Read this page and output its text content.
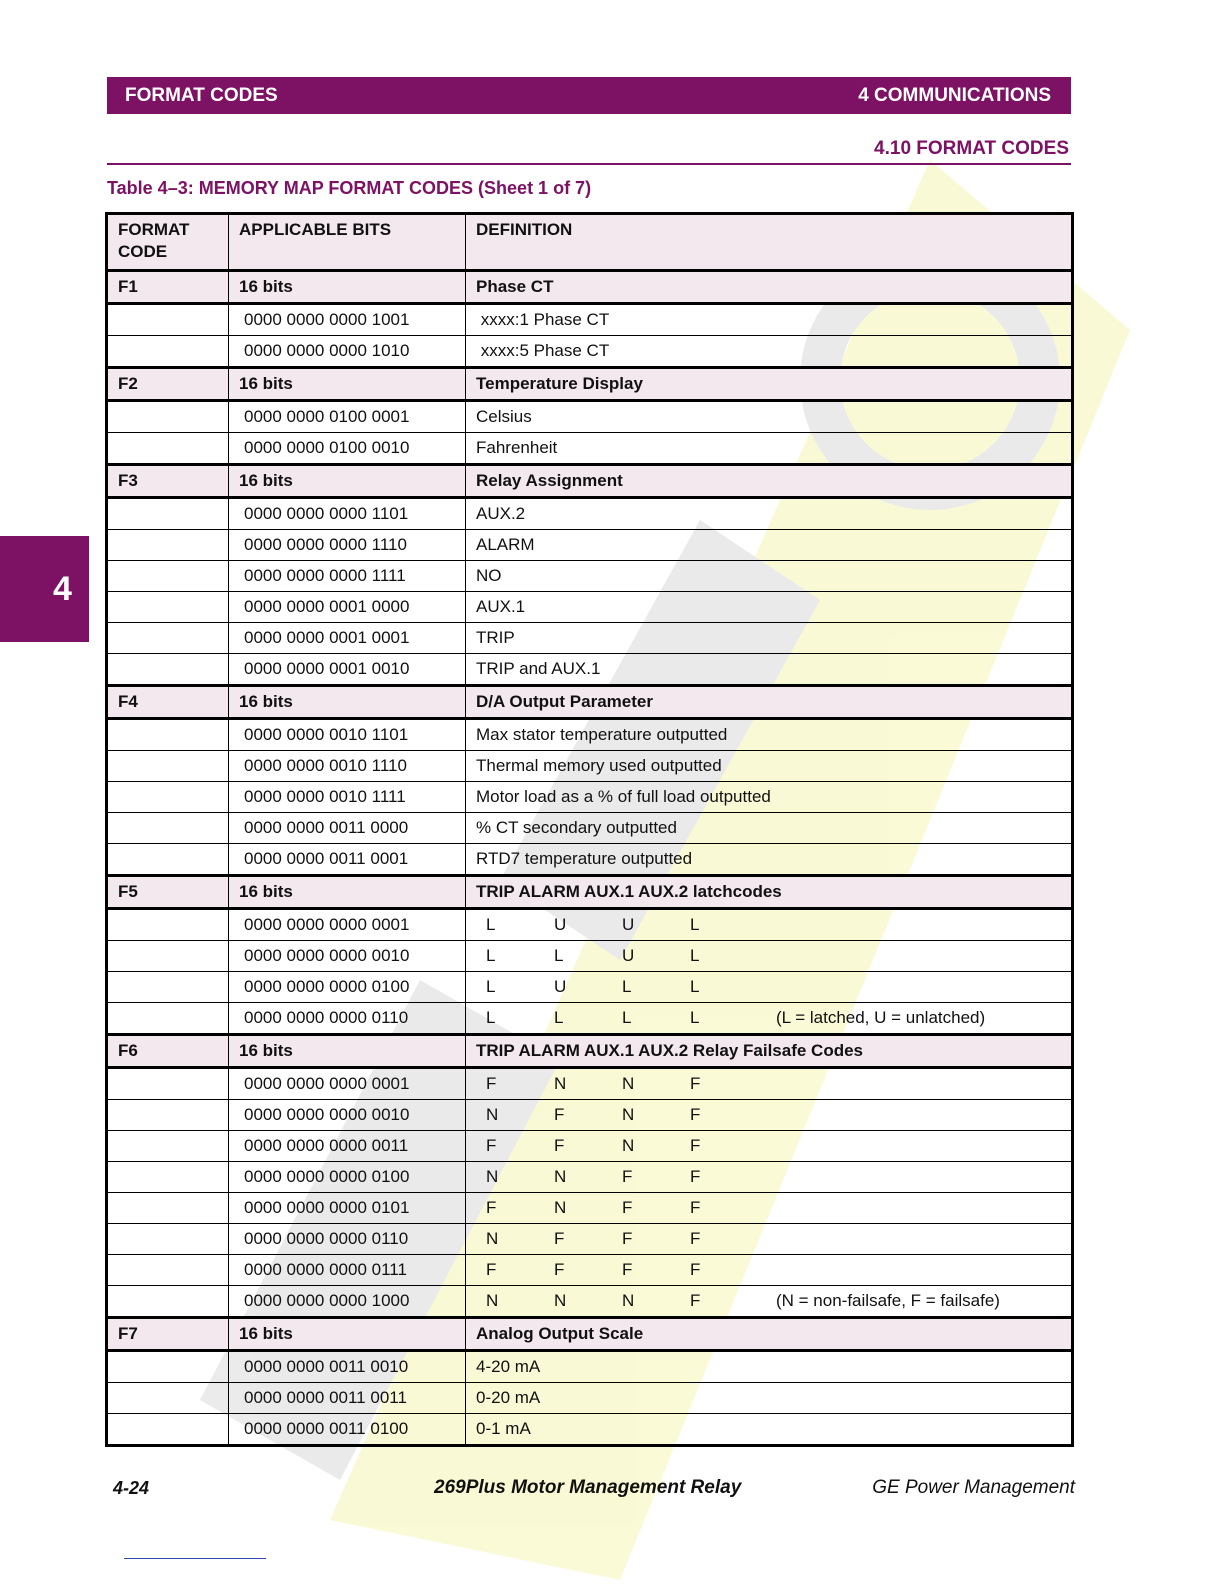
FORMAT CODES	4 COMMUNICATIONS
4.10 FORMAT CODES
Table 4–3: MEMORY MAP FORMAT CODES (Sheet 1 of 7)
4
FORMAT CODE	APPLICABLE BITS	DEFINITION
F1	16 bits	Phase CT
	0000 0000 0000 1001	xxxx:1 Phase CT
	0000 0000 0000 1010	xxxx:5 Phase CT
F2	16 bits	Temperature Display
	0000 0000 0100 0001	Celsius
	0000 0000 0100 0010	Fahrenheit
F3	16 bits	Relay Assignment
	0000 0000 0000 1101	AUX.2
	0000 0000 0000 1110	ALARM
	0000 0000 0000 1111	NO
	0000 0000 0001 0000	AUX.1
	0000 0000 0001 0001	TRIP
	0000 0000 0001 0010	TRIP and AUX.1
F4	16 bits	D/A Output Parameter
	0000 0000 0010 1101	Max stator temperature outputted
	0000 0000 0010 1110	Thermal memory used outputted
	0000 0000 0010 1111	Motor load as a % of full load outputted
	0000 0000 0011 0000	% CT secondary outputted
	0000 0000 0011 0001	RTD7 temperature outputted
F5	16 bits	TRIP ALARM AUX.1 AUX.2 latchcodes
	0000 0000 0000 0001	L U U L
	0000 0000 0000 0010	L L U L
	0000 0000 0000 0100	L U L L
	0000 0000 0000 0110	L L L L (L = latched, U = unlatched)
F6	16 bits	TRIP ALARM AUX.1 AUX.2 Relay Failsafe Codes
	0000 0000 0000 0001	F N N F
	0000 0000 0000 0010	N F N F
	0000 0000 0000 0011	F F N F
	0000 0000 0000 0100	N N F F
	0000 0000 0000 0101	F N F F
	0000 0000 0000 0110	N F F F
	0000 0000 0000 0111	F F F F
	0000 0000 0000 1000	N N N F (N = non-failsafe, F = failsafe)
F7	16 bits	Analog Output Scale
	0000 0000 0011 0010	4-20 mA
	0000 0000 0011 0011	0-20 mA
	0000 0000 0011 0100	0-1 mA
4-24	269Plus Motor Management Relay	GE Power Management
